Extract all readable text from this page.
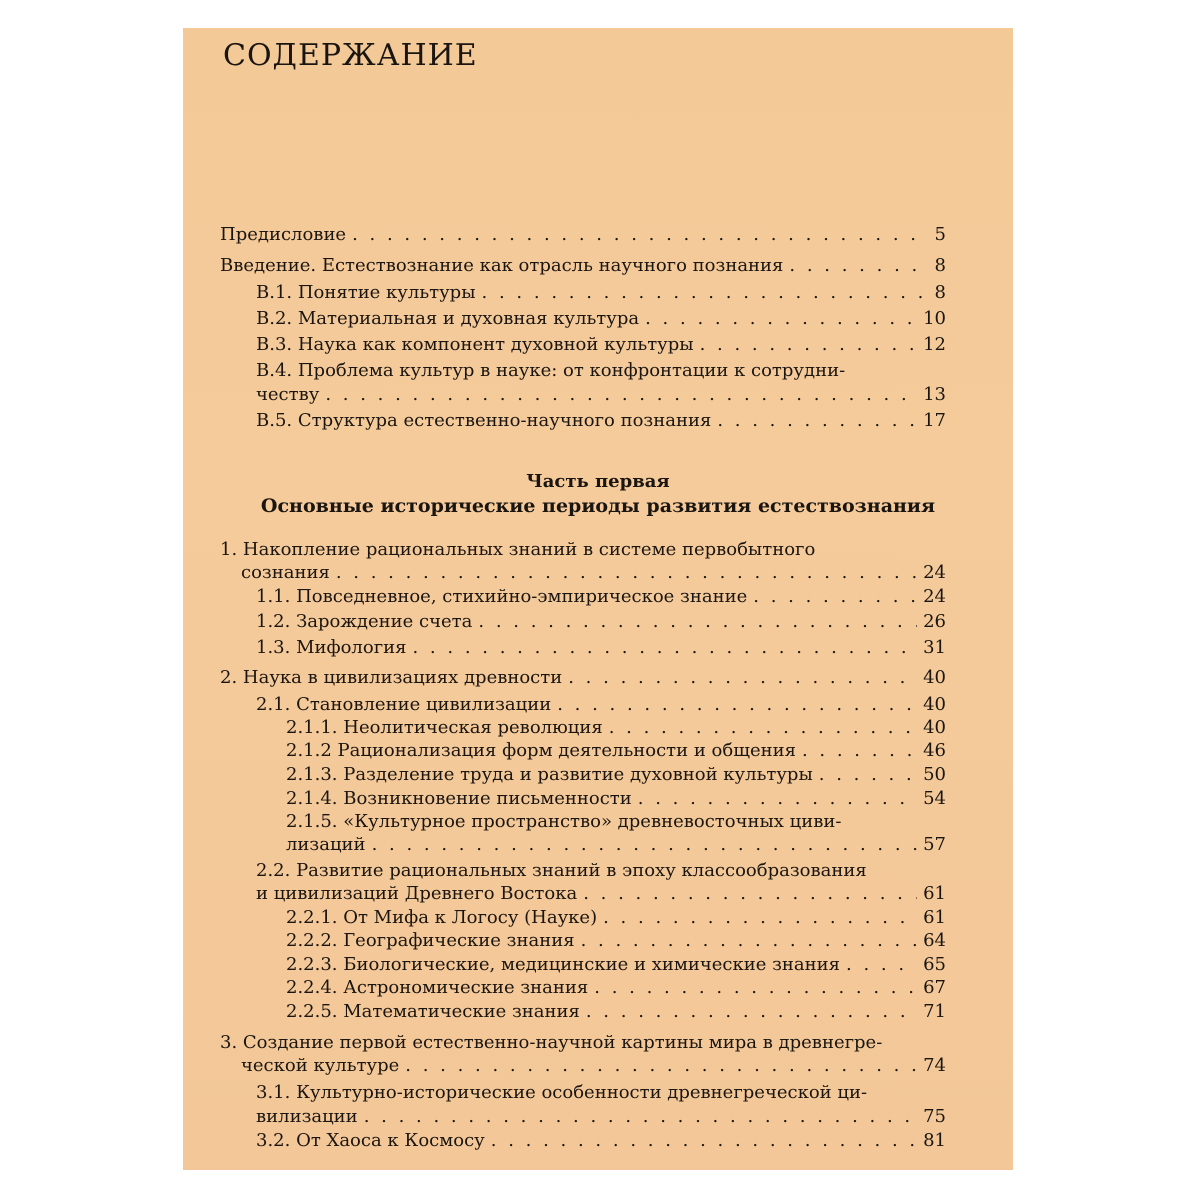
СОДЕРЖАНИЕ
Предисловие . . .	5
Введение. Естествознание как отрасль научного познания . . .	8
В.1. Понятие культуры . . .	8
В.2. Материальная и духовная культура . . .	10
В.3. Наука как компонент духовной культуры . . .	12
В.4. Проблема культур в науке: от конфронтации к сотрудни-
честву . . .	13
В.5. Структура естественно-научного познания . . .	17
Часть первая
Основные исторические периоды развития естествознания
1. Накопление рациональных знаний в системе первобытного
сознания . . .	24
1.1. Повседневное, стихийно-эмпирическое знание . . .	24
1.2. Зарождение счета . . .	26
1.3. Мифология . . .	31
2. Наука в цивилизациях древности . . .	40
2.1. Становление цивилизации . . .	40
2.1.1. Неолитическая революция . . .	40
2.1.2 Рационализация форм деятельности и общения . . .	46
2.1.3. Разделение труда и развитие духовной культуры . . .	50
2.1.4. Возникновение письменности . . .	54
2.1.5. «Культурное пространство» древневосточных циви-
лизаций . . .	57
2.2. Развитие рациональных знаний в эпоху классообразования
и цивилизаций Древнего Востока . . .	61
2.2.1. От Мифа к Логосу (Науке) . . .	61
2.2.2. Географические знания . . .	64
2.2.3. Биологические, медицинские и химические знания . . .	65
2.2.4. Астрономические знания . . .	67
2.2.5. Математические знания . . .	71
3. Создание первой естественно-научной картины мира в древнегре-
ческой культуре . . .	74
3.1. Культурно-исторические особенности древнегреческой ци-
вилизации . . .	75
3.2. От Хаоса к Космосу . . .	81
